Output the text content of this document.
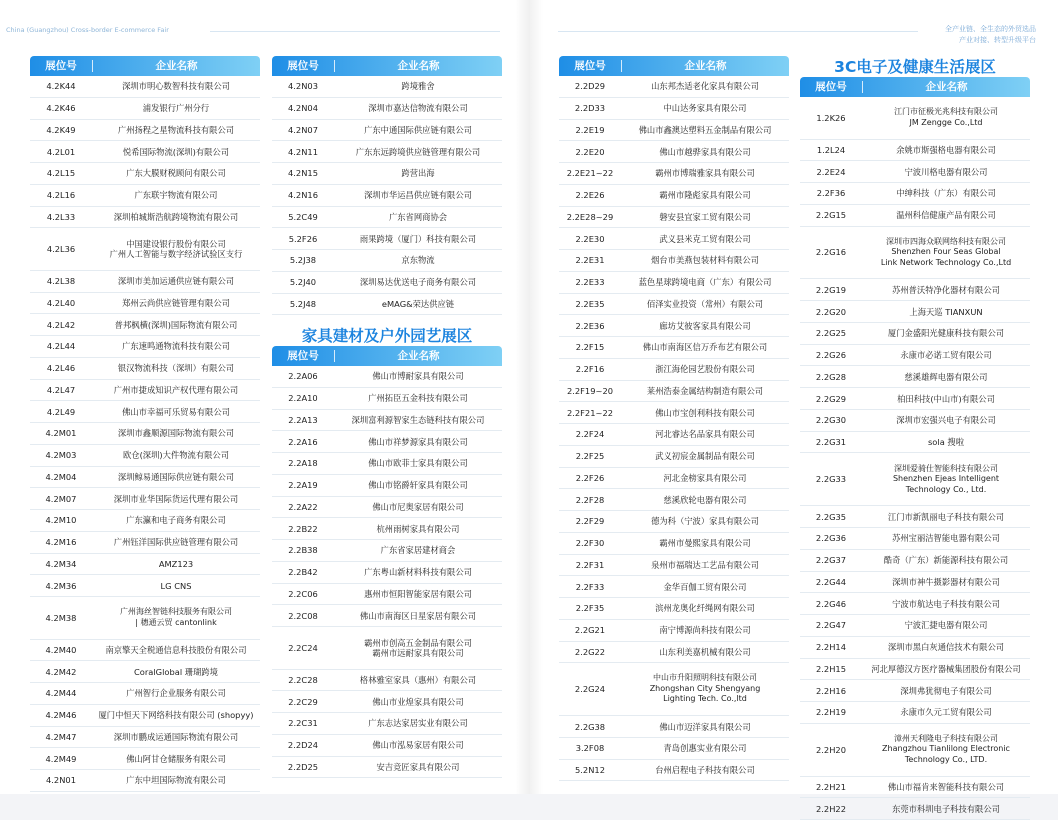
China (Guangzhou) Cross-border E-commerce Fair	全产业链、全生态的外贸选品
产业对接、转型升级平台
展位号	企业名称
4.2K44	深圳市明心数智科技有限公司
4.2K46	浦发银行广州分行
4.2K49	广州扬程之星物流科技有限公司
4.2L01	悦希国际物流(深圳)有限公司
4.2L15	广东大膜财税顾问有限公司
4.2L16	广东联宇物流有限公司
4.2L33	深圳柏城斯浩航跨境物流有限公司
4.2L36	中国建设银行股份有限公司
广州人工智能与数字经济试验区支行
4.2L38	深圳市美加运通供应链有限公司
4.2L40	郑州云尚供应链管理有限公司
4.2L42	普邦枫横(深圳)国际物流有限公司
4.2L44	广东速鸣通物流科技有限公司
4.2L46	银汉物流科技（深圳）有限公司
4.2L47	广州市捷成知识产权代理有限公司
4.2L49	佛山市幸福可乐贸易有限公司
4.2M01	深圳市鑫顺源国际物流有限公司
4.2M03	欧仓(深圳)大件物流有限公司
4.2M04	深圳鲸易通国际供应链有限公司
4.2M07	深圳市业华国际货运代理有限公司
4.2M10	广东瀛和电子商务有限公司
4.2M16	广州钰洋国际供应链管理有限公司
4.2M34	AMZ123
4.2M36	LG CNS
4.2M38
广州海丝智链科技服务有限公司
| 穗通云贸 cantonlink
4.2M40	南京擎天全税通信息科技股份有限公司
4.2M42	CoralGlobal 珊瑚跨境
4.2M44	广州智行企业服务有限公司
4.2M46	厦门中恒天下网络科技有限公司 (shopyy)
4.2M47	深圳市鹏成运通国际物流有限公司
4.2M49	佛山阿甘仓储服务有限公司
4.2N01	广东中坦国际物流有限公司
展位号	企业名称
4.2N03	跨境雅舍
4.2N04	深圳市嘉达信物流有限公司
4.2N07	广东中通国际供应链有限公司
4.2N11	广东东远跨境供应链管理有限公司
4.2N15	跨营出海
4.2N16	深圳市华运昌供应链有限公司
5.2C49	广东省网商协会
5.2F26	雨果跨境（厦门）科技有限公司
5.2J38	京东物流
5.2J40	深圳易达优送电子商务有限公司
5.2J48	eMAG&荣达供应链
家具建材及户外园艺展区
展位号	企业名称
2.2A06	佛山市博耐家具有限公司
2.2A10	广州拓臣五金科技有限公司
2.2A13	深圳富利源智家生态链科技有限公司
2.2A16	佛山市祥梦源家具有限公司
2.2A18	佛山市欧菲士家具有限公司
2.2A19	佛山市铭爵轩家具有限公司
2.2A22	佛山市尼奥家居有限公司
2.2B22	杭州雨树家具有限公司
2.2B38	广东省家居建材商会
2.2B42	广东粤山新材料科技有限公司
2.2C06	惠州市恒阳智能家居有限公司
2.2C08	佛山市南海区日星家居有限公司
2.2C24	霸州市创高五金制品有限公司
霸州市远耐家具有限公司
2.2C28	格林雅室家具（惠州）有限公司
2.2C29	佛山市业煌家具有限公司
2.2C31	广东志达家居实业有限公司
2.2D24	佛山市泓易家居有限公司
2.2D25	安吉竞匠家具有限公司
展位号	企业名称
2.2D29	山东邦杰适老化家具有限公司
2.2D33	中山达务家具有限公司
2.2E19	佛山市鑫澳达塑料五金制品有限公司
2.2E20	佛山市越骅家具有限公司
2.2E21~22	霸州市博瑞雅家具有限公司
2.2E26	霸州市隆彪家具有限公司
2.2E28~29	磐安县宜家工贸有限公司
2.2E30	武义县米克工贸有限公司
2.2E31	烟台市美燕包装材料有限公司
2.2E33	蓝色星球跨境电商（广东）有限公司
2.2E35	佰泽实业投资（常州）有限公司
2.2E36	廊坊艾彼客家具有限公司
2.2F15	佛山市南海区信万乔布艺有限公司
2.2F16	浙江海伦园艺股份有限公司
2.2F19~20	莱州浩泰金属结构制造有限公司
2.2F21~22	佛山市宝创利科技有限公司
2.2F24	河北睿达名品家具有限公司
2.2F25	武义初宸金属制品有限公司
2.2F26	河北金榜家具有限公司
2.2F28	慈溪欣轮电器有限公司
2.2F29	德为科（宁波）家具有限公司
2.2F30	霸州市曼熙家具有限公司
2.2F31	泉州市福瑞达工艺品有限公司
2.2F33	金华百伽工贸有限公司
2.2F35	滨州龙奥化纤绳网有限公司
2.2G21	南宁博源尚科技有限公司
2.2G22	山东利美嘉机械有限公司
2.2G24
中山市升阳照明科技有限公司
Zhongshan City Shengyang
Lighting Tech. Co.,ltd
2.2G38	佛山市迈洋家具有限公司
3.2F08	青岛创惠实业有限公司
5.2N12	台州启程电子科技有限公司
3C电子及健康生活展区
展位号	企业名称
1.2K26
江门市征极光兆科技有限公司
JM Zengge Co.,Ltd
1.2L24	余姚市斯强格电器有限公司
2.2E24	宁波川格电器有限公司
2.2F36	中绅科技（广东）有限公司
2.2G15	温州科信健康产品有限公司
2.2G16
深圳市四海众联网络科技有限公司
Shenzhen Four Seas Global
Link Network Technology Co.,Ltd
2.2G19	苏州普沃特净化器材有限公司
2.2G20	上海天巡 TIANXUN
2.2G25	厦门金盛阳光健康科技有限公司
2.2G26	永康市必诺工贸有限公司
2.2G28	慈溪雄辉电器有限公司
2.2G29	柏田科技(中山市)有限公司
2.2G30	深圳市宏强兴电子有限公司
2.2G31	sola 搜啦
2.2G33
深圳爱骑仕智能科技有限公司
Shenzhen Ejeas Intelligent
Technology Co., Ltd.
2.2G35	江门市新凯丽电子科技有限公司
2.2G36	苏州宝丽洁智能电器有限公司
2.2G37	酷奇（广东）新能源科技有限公司
2.2G44	深圳市神牛摄影器材有限公司
2.2G46	宁波市航达电子科技有限公司
2.2G47	宁波汇捷电器有限公司
2.2H14	深圳市黑白灰通信技术有限公司
2.2H15	河北厚德汉方医疗器械集团股份有限公司
2.2H16	深圳弗犹彻电子有限公司
2.2H19	永康市久元工贸有限公司
2.2H20
漳州天利隆电子科技有限公司
Zhangzhou Tianlilong Electronic
Technology Co., LTD.
2.2H21	佛山市福肯来智能科技有限公司
2.2H22	东莞市科圳电子科技有限公司
